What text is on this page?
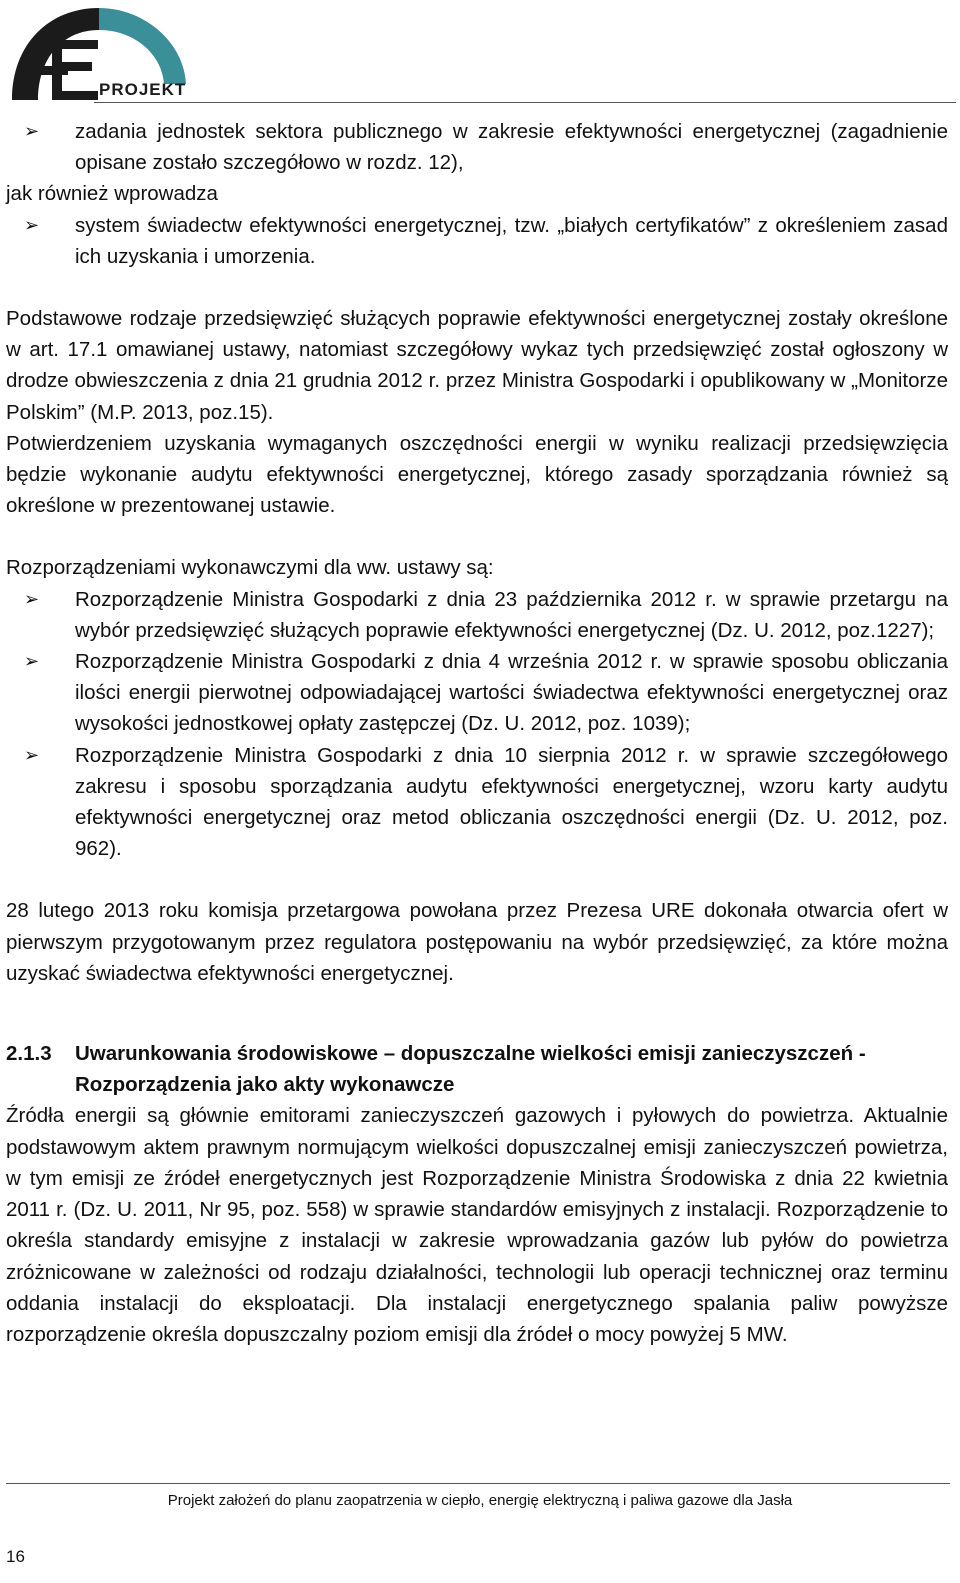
PROJEKT
➢ zadania jednostek sektora publicznego w zakresie efektywności energetycznej (zagadnienie opisane zostało szczegółowo w rozdz. 12),

jak również wprowadza

➢ system świadectw efektywności energetycznej, tzw. „białych certyfikatów” z określeniem zasad ich uzyskania i umorzenia.

Podstawowe rodzaje przedsięwzięć służących poprawie efektywności energetycznej zostały określone w art. 17.1 omawianej ustawy, natomiast szczegółowy wykaz tych przedsięwzięć został ogłoszony w drodze obwieszczenia z dnia 21 grudnia 2012 r. przez Ministra Gospodarki i opublikowany w „Monitorze Polskim” (M.P. 2013, poz.15).

Potwierdzeniem uzyskania wymaganych oszczędności energii w wyniku realizacji przedsięwzięcia będzie wykonanie audytu efektywności energetycznej, którego zasady sporządzania również są określone w prezentowanej ustawie.

Rozporządzeniami wykonawczymi dla ww. ustawy są:

➢ Rozporządzenie Ministra Gospodarki z dnia 23 października 2012 r. w sprawie przetargu na wybór przedsięwzięć służących poprawie efektywności energetycznej (Dz. U. 2012, poz.1227);
➢ Rozporządzenie Ministra Gospodarki z dnia 4 września 2012 r. w sprawie sposobu obliczania ilości energii pierwotnej odpowiadającej wartości świadectwa efektywności energetycznej oraz wysokości jednostkowej opłaty zastępczej (Dz. U. 2012, poz. 1039);
➢ Rozporządzenie Ministra Gospodarki z dnia 10 sierpnia 2012 r. w sprawie szczegółowego zakresu i sposobu sporządzania audytu efektywności energetycznej, wzoru karty audytu efektywności energetycznej oraz metod obliczania oszczędności energii (Dz. U. 2012, poz. 962).

28 lutego 2013 roku komisja przetargowa powołana przez Prezesa URE dokonała otwarcia ofert w pierwszym przygotowanym przez regulatora postępowaniu na wybór przedsięwzięć, za które można uzyskać świadectwa efektywności energetycznej.

2.1.3 Uwarunkowania środowiskowe – dopuszczalne wielkości emisji zanieczyszczeń - Rozporządzenia jako akty wykonawcze

Źródła energii są głównie emitorami zanieczyszczeń gazowych i pyłowych do powietrza. Aktualnie podstawowym aktem prawnym normującym wielkości dopuszczalnej emisji zanieczyszczeń powietrza, w tym emisji ze źródeł energetycznych jest Rozporządzenie Ministra Środowiska z dnia 22 kwietnia 2011 r. (Dz. U. 2011, Nr 95, poz. 558) w sprawie standardów emisyjnych z instalacji. Rozporządzenie to określa standardy emisyjne z instalacji w zakresie wprowadzania gazów lub pyłów do powietrza zróżnicowane w zależności od rodzaju działalności, technologii lub operacji technicznej oraz terminu oddania instalacji do eksploatacji. Dla instalacji energetycznego spalania paliw powyższe rozporządzenie określa dopuszczalny poziom emisji dla źródeł o mocy powyżej 5 MW.

Projekt założeń do planu zaopatrzenia w ciepło, energię elektryczną i paliwa gazowe dla Jasła
16
